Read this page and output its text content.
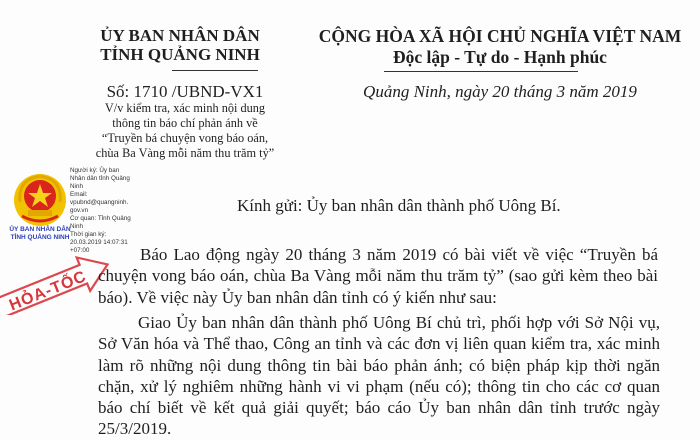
ỦY BAN NHÂN DÂN
TỈNH QUẢNG NINH
Số: 1710 /UBND-VX1
V/v kiểm tra, xác minh nội dung
thông tin báo chí phản ánh về
“Truyền bá chuyện vong báo oán,
chùa Ba Vàng mỗi năm thu trăm tỷ”
CỘNG HÒA XÃ HỘI CHỦ NGHĨA VIỆT NAM
Độc lập - Tự do - Hạnh phúc
Quảng Ninh, ngày 20 tháng 3 năm 2019
ỦY BAN NHÂN DÂN
TỈNH QUẢNG NINH
Người ký: Ủy ban
Nhân dân tỉnh Quảng
Ninh
Email:
vpubnd@quangninh.
gov.vn
Cơ quan: Tỉnh Quảng
Ninh
Thời gian ký:
20.03.2019 14:07:31
+07:00
HỎA-TỐC
Kính gửi: Ủy ban nhân dân thành phố Uông Bí.
Báo Lao động ngày 20 tháng 3 năm 2019 có bài viết về việc “Truyền bá chuyện vong báo oán, chùa Ba Vàng mỗi năm thu trăm tỷ” (sao gửi kèm theo bài báo). Về việc này Ủy ban nhân dân tỉnh có ý kiến như sau:
Giao Ủy ban nhân dân thành phố Uông Bí chủ trì, phối hợp với Sở Nội vụ, Sở Văn hóa và Thể thao, Công an tỉnh và các đơn vị liên quan kiểm tra, xác minh làm rõ những nội dung thông tin bài báo phản ánh; có biện pháp kịp thời ngăn chặn, xử lý nghiêm những hành vi vi phạm (nếu có); thông tin cho các cơ quan báo chí biết về kết quả giải quyết; báo cáo Ủy ban nhân dân tỉnh trước ngày 25/3/2019.
